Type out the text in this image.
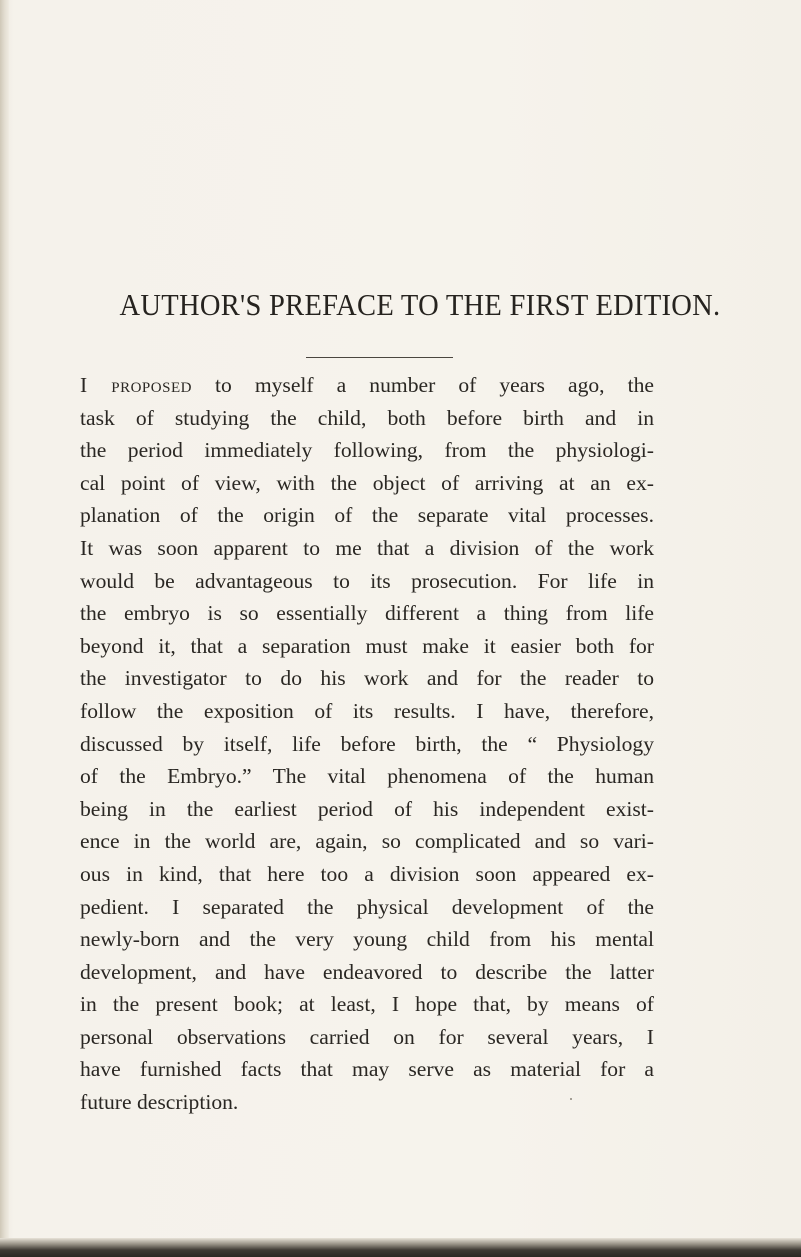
AUTHOR'S PREFACE TO THE FIRST EDITION.
I proposed to myself a number of years ago, the
task of studying the child, both before birth and in
the period immediately following, from the physiologi-
cal point of view, with the object of arriving at an ex-
planation of the origin of the separate vital processes.
It was soon apparent to me that a division of the work
would be advantageous to its prosecution. For life in
the embryo is so essentially different a thing from life
beyond it, that a separation must make it easier both for
the investigator to do his work and for the reader to
follow the exposition of its results. I have, therefore,
discussed by itself, life before birth, the “ Physiology
of the Embryo.” The vital phenomena of the human
being in the earliest period of his independent exist-
ence in the world are, again, so complicated and so vari-
ous in kind, that here too a division soon appeared ex-
pedient. I separated the physical development of the
newly-born and the very young child from his mental
development, and have endeavored to describe the latter
in the present book; at least, I hope that, by means of
personal observations carried on for several years, I
have furnished facts that may serve as material for a
future description.
